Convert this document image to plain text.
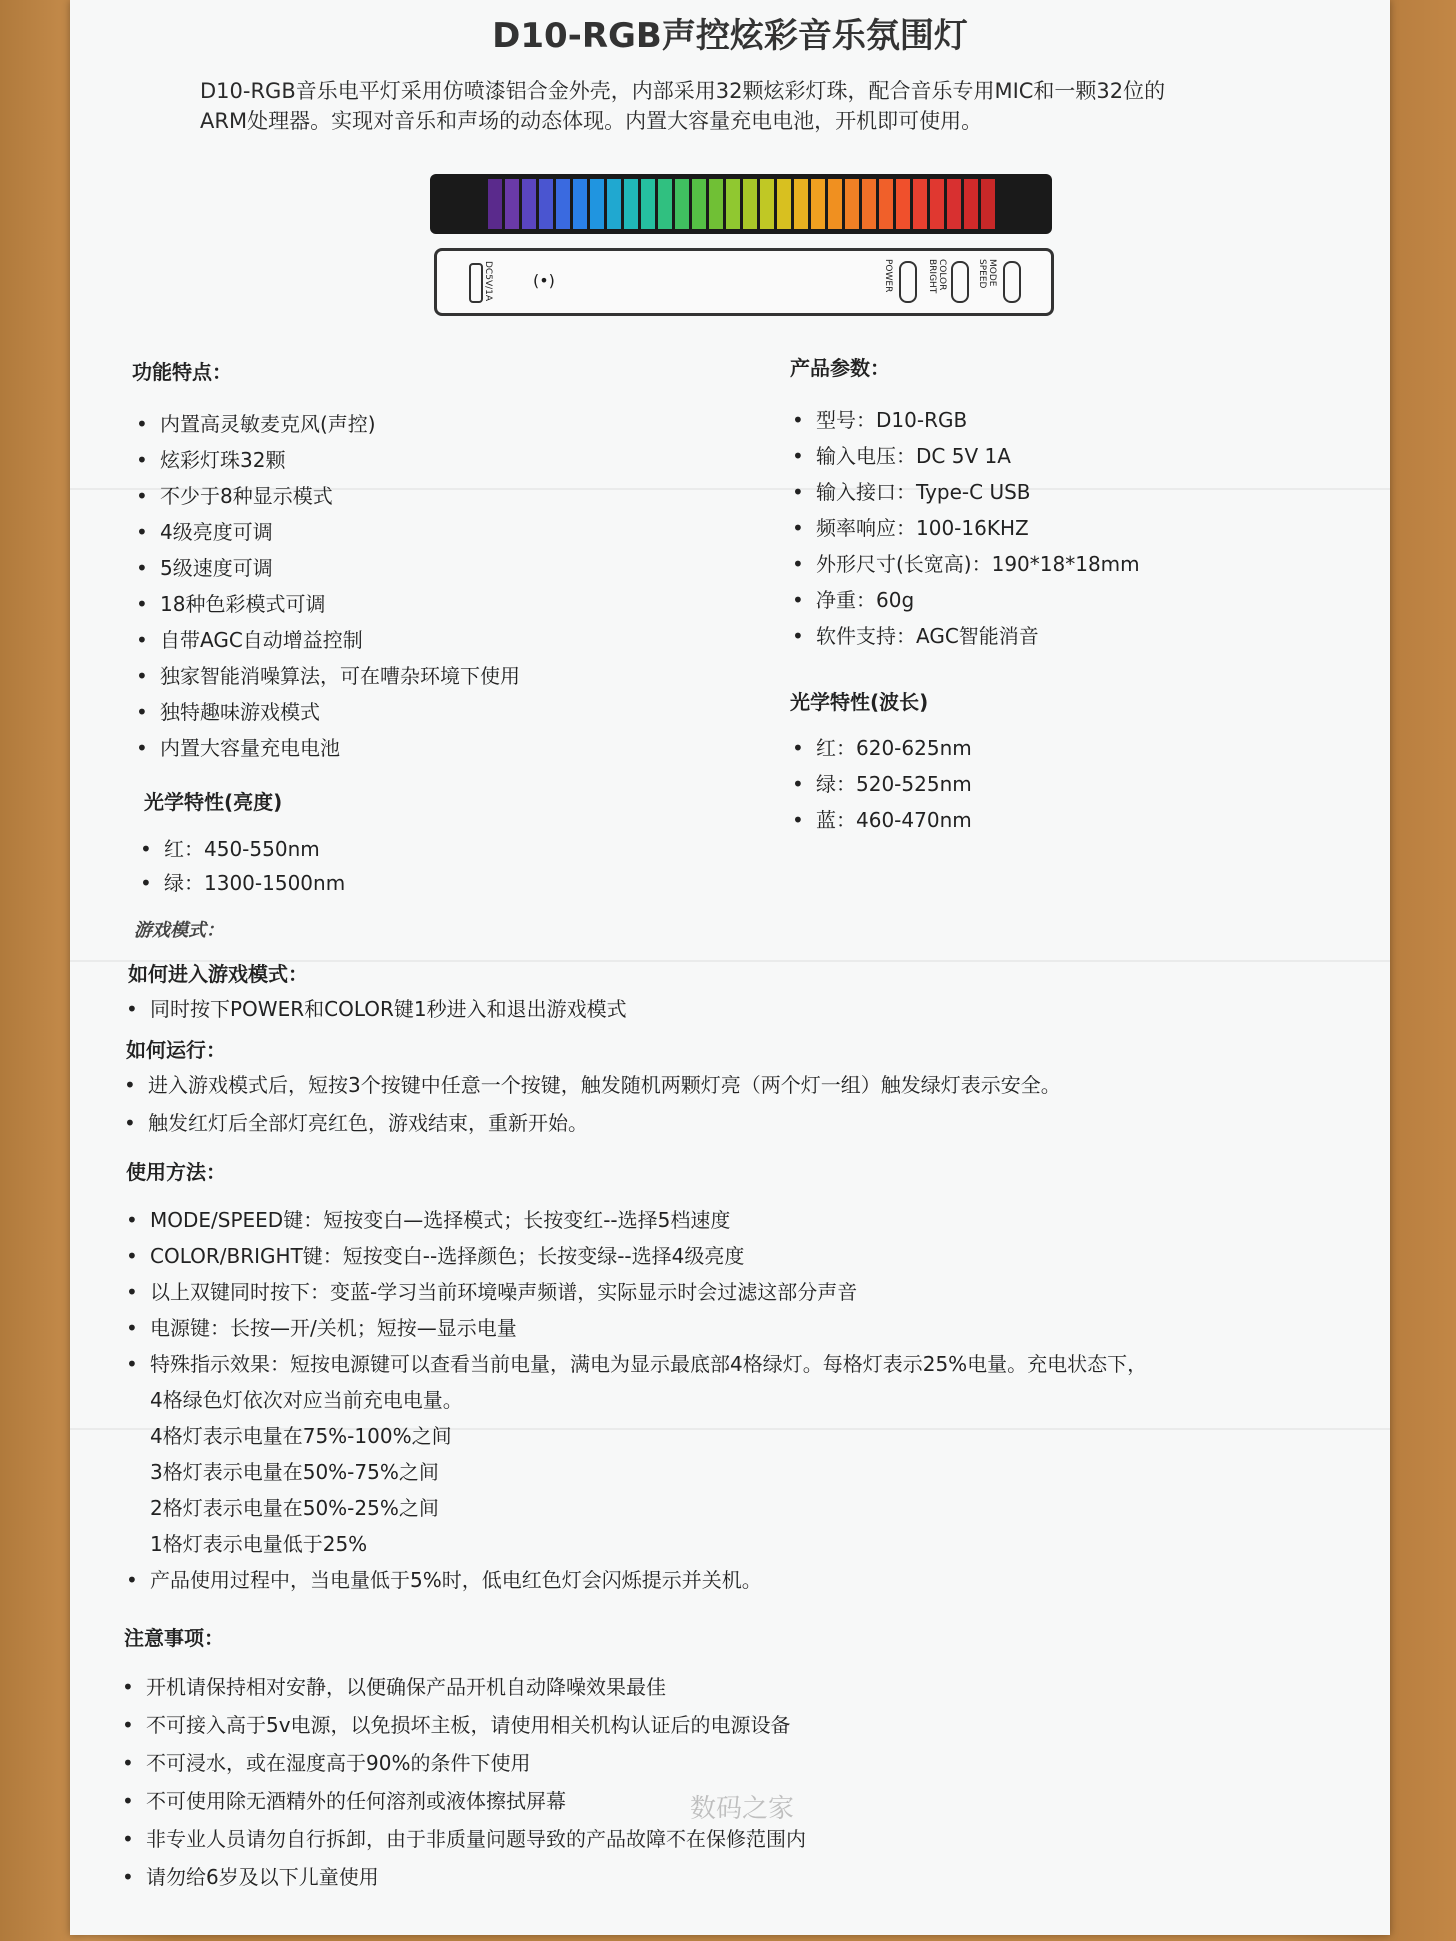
D10-RGB声控炫彩音乐氛围灯
D10-RGB音乐电平灯采用仿喷漆铝合金外壳，内部采用32颗炫彩灯珠，配合音乐专用MIC和一颗32位的
ARM处理器。实现对音乐和声场的动态体现。内置大容量充电电池，开机即可使用。
DC5V/1A	(•)	POWER	COLOR BRIGHT	MODE SPEED
功能特点：
• 内置高灵敏麦克风(声控)
• 炫彩灯珠32颗
• 不少于8种显示模式
• 4级亮度可调
• 5级速度可调
• 18种色彩模式可调
• 自带AGC自动增益控制
• 独家智能消噪算法，可在嘈杂环境下使用
• 独特趣味游戏模式
• 内置大容量充电电池
光学特性(亮度)
• 红：450-550nm
• 绿：1300-1500nm
产品参数：
• 型号：D10-RGB
• 输入电压：DC 5V 1A
• 输入接口：Type-C USB
• 频率响应：100-16KHZ
• 外形尺寸(长宽高)：190*18*18mm
• 净重：60g
• 软件支持：AGC智能消音
光学特性(波长)
• 红：620-625nm
• 绿：520-525nm
• 蓝：460-470nm
游戏模式：
如何进入游戏模式：
• 同时按下POWER和COLOR键1秒进入和退出游戏模式
如何运行：
• 进入游戏模式后，短按3个按键中任意一个按键，触发随机两颗灯亮（两个灯一组）触发绿灯表示安全。
• 触发红灯后全部灯亮红色，游戏结束，重新开始。
使用方法：
• MODE/SPEED键：短按变白—选择模式；长按变红--选择5档速度
• COLOR/BRIGHT键：短按变白--选择颜色；长按变绿--选择4级亮度
• 以上双键同时按下：变蓝-学习当前环境噪声频谱，实际显示时会过滤这部分声音
• 电源键：长按—开/关机；短按—显示电量
• 特殊指示效果：短按电源键可以查看当前电量，满电为显示最底部4格绿灯。每格灯表示25%电量。充电状态下，
4格绿色灯依次对应当前充电电量。
4格灯表示电量在75%-100%之间
3格灯表示电量在50%-75%之间
2格灯表示电量在50%-25%之间
1格灯表示电量低于25%
• 产品使用过程中，当电量低于5%时，低电红色灯会闪烁提示并关机。
注意事项：
• 开机请保持相对安静，以便确保产品开机自动降噪效果最佳
• 不可接入高于5v电源，以免损坏主板，请使用相关机构认证后的电源设备
• 不可浸水，或在湿度高于90%的条件下使用
• 不可使用除无酒精外的任何溶剂或液体擦拭屏幕
• 非专业人员请勿自行拆卸，由于非质量问题导致的产品故障不在保修范围内
• 请勿给6岁及以下儿童使用
数码之家
